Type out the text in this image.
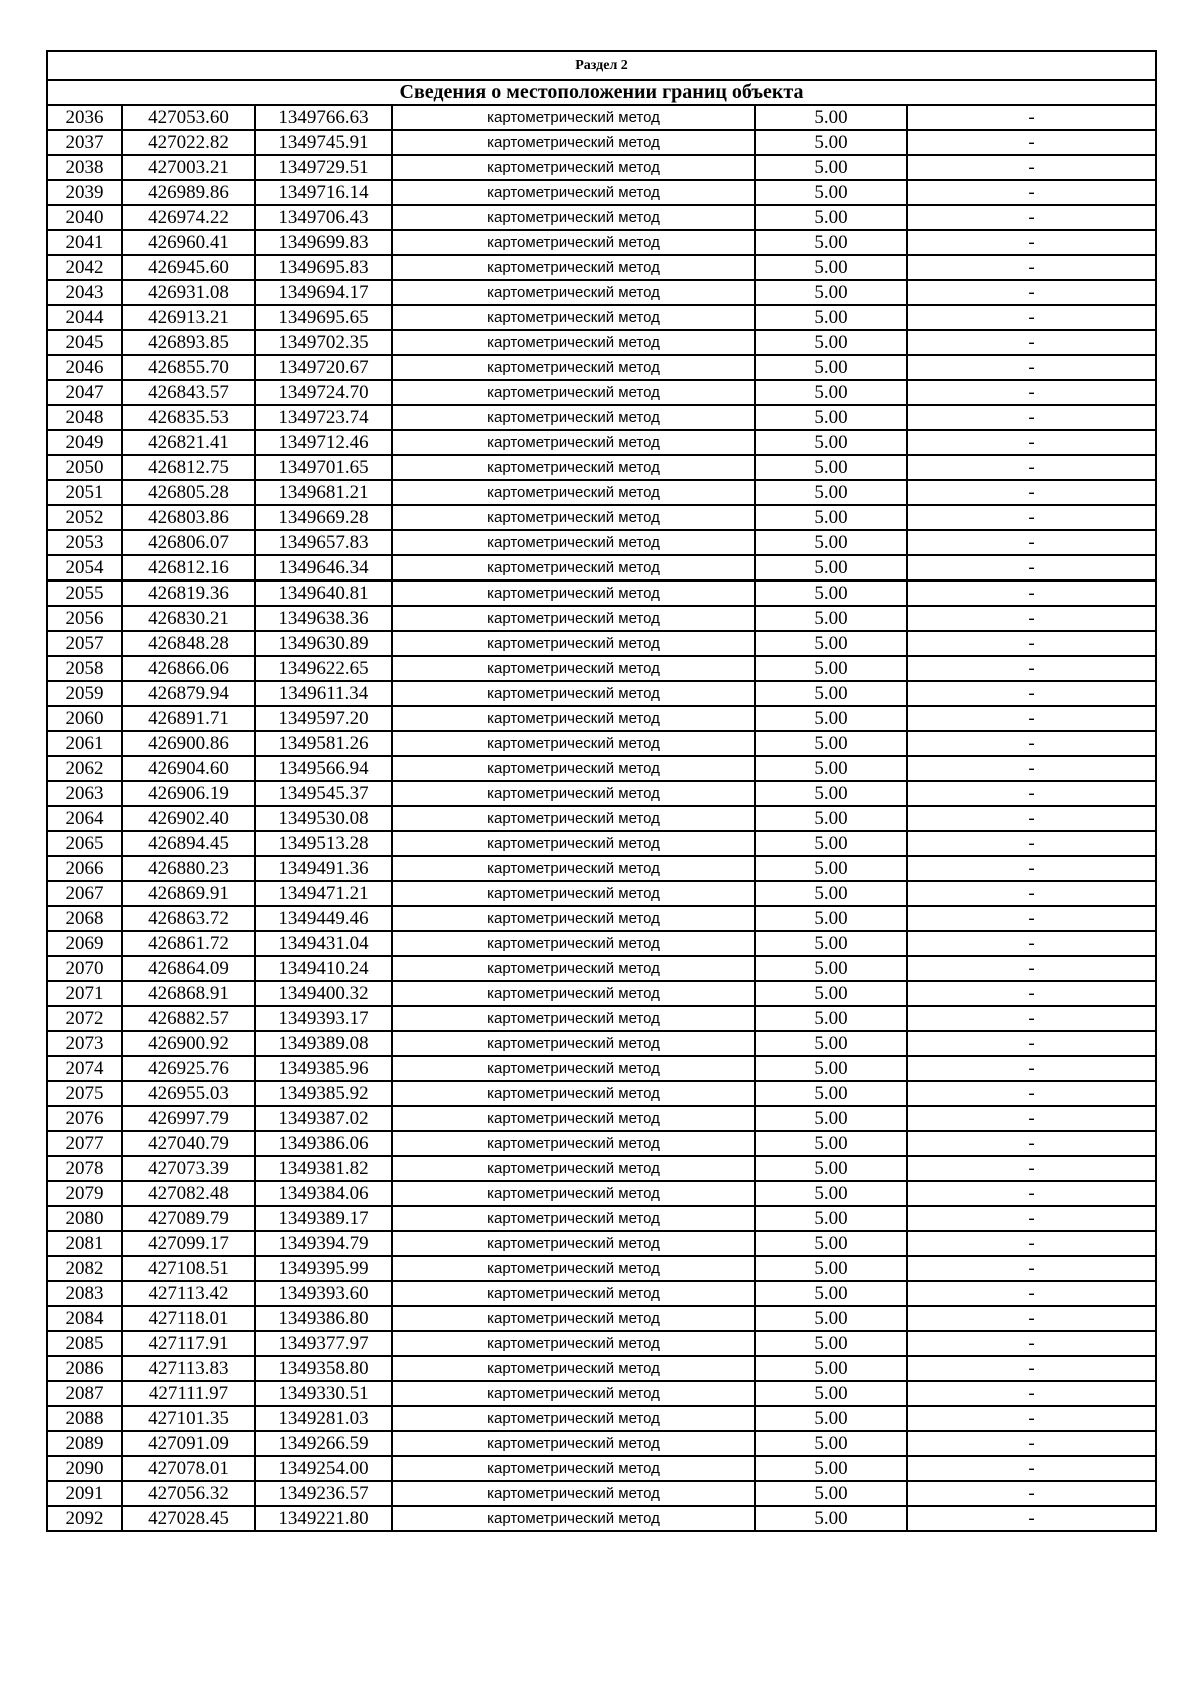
Раздел 2					
Сведения о местоположении границ объекта					
2036	427053.60	1349766.63	картометрический метод	5.00	-
2037	427022.82	1349745.91	картометрический метод	5.00	-
2038	427003.21	1349729.51	картометрический метод	5.00	-
2039	426989.86	1349716.14	картометрический метод	5.00	-
2040	426974.22	1349706.43	картометрический метод	5.00	-
2041	426960.41	1349699.83	картометрический метод	5.00	-
2042	426945.60	1349695.83	картометрический метод	5.00	-
2043	426931.08	1349694.17	картометрический метод	5.00	-
2044	426913.21	1349695.65	картометрический метод	5.00	-
2045	426893.85	1349702.35	картометрический метод	5.00	-
2046	426855.70	1349720.67	картометрический метод	5.00	-
2047	426843.57	1349724.70	картометрический метод	5.00	-
2048	426835.53	1349723.74	картометрический метод	5.00	-
2049	426821.41	1349712.46	картометрический метод	5.00	-
2050	426812.75	1349701.65	картометрический метод	5.00	-
2051	426805.28	1349681.21	картометрический метод	5.00	-
2052	426803.86	1349669.28	картометрический метод	5.00	-
2053	426806.07	1349657.83	картометрический метод	5.00	-
2054	426812.16	1349646.34	картометрический метод	5.00	-
2055	426819.36	1349640.81	картометрический метод	5.00	-
2056	426830.21	1349638.36	картометрический метод	5.00	-
2057	426848.28	1349630.89	картометрический метод	5.00	-
2058	426866.06	1349622.65	картометрический метод	5.00	-
2059	426879.94	1349611.34	картометрический метод	5.00	-
2060	426891.71	1349597.20	картометрический метод	5.00	-
2061	426900.86	1349581.26	картометрический метод	5.00	-
2062	426904.60	1349566.94	картометрический метод	5.00	-
2063	426906.19	1349545.37	картометрический метод	5.00	-
2064	426902.40	1349530.08	картометрический метод	5.00	-
2065	426894.45	1349513.28	картометрический метод	5.00	-
2066	426880.23	1349491.36	картометрический метод	5.00	-
2067	426869.91	1349471.21	картометрический метод	5.00	-
2068	426863.72	1349449.46	картометрический метод	5.00	-
2069	426861.72	1349431.04	картометрический метод	5.00	-
2070	426864.09	1349410.24	картометрический метод	5.00	-
2071	426868.91	1349400.32	картометрический метод	5.00	-
2072	426882.57	1349393.17	картометрический метод	5.00	-
2073	426900.92	1349389.08	картометрический метод	5.00	-
2074	426925.76	1349385.96	картометрический метод	5.00	-
2075	426955.03	1349385.92	картометрический метод	5.00	-
2076	426997.79	1349387.02	картометрический метод	5.00	-
2077	427040.79	1349386.06	картометрический метод	5.00	-
2078	427073.39	1349381.82	картометрический метод	5.00	-
2079	427082.48	1349384.06	картометрический метод	5.00	-
2080	427089.79	1349389.17	картометрический метод	5.00	-
2081	427099.17	1349394.79	картометрический метод	5.00	-
2082	427108.51	1349395.99	картометрический метод	5.00	-
2083	427113.42	1349393.60	картометрический метод	5.00	-
2084	427118.01	1349386.80	картометрический метод	5.00	-
2085	427117.91	1349377.97	картометрический метод	5.00	-
2086	427113.83	1349358.80	картометрический метод	5.00	-
2087	427111.97	1349330.51	картометрический метод	5.00	-
2088	427101.35	1349281.03	картометрический метод	5.00	-
2089	427091.09	1349266.59	картометрический метод	5.00	-
2090	427078.01	1349254.00	картометрический метод	5.00	-
2091	427056.32	1349236.57	картометрический метод	5.00	-
2092	427028.45	1349221.80	картометрический метод	5.00	-
